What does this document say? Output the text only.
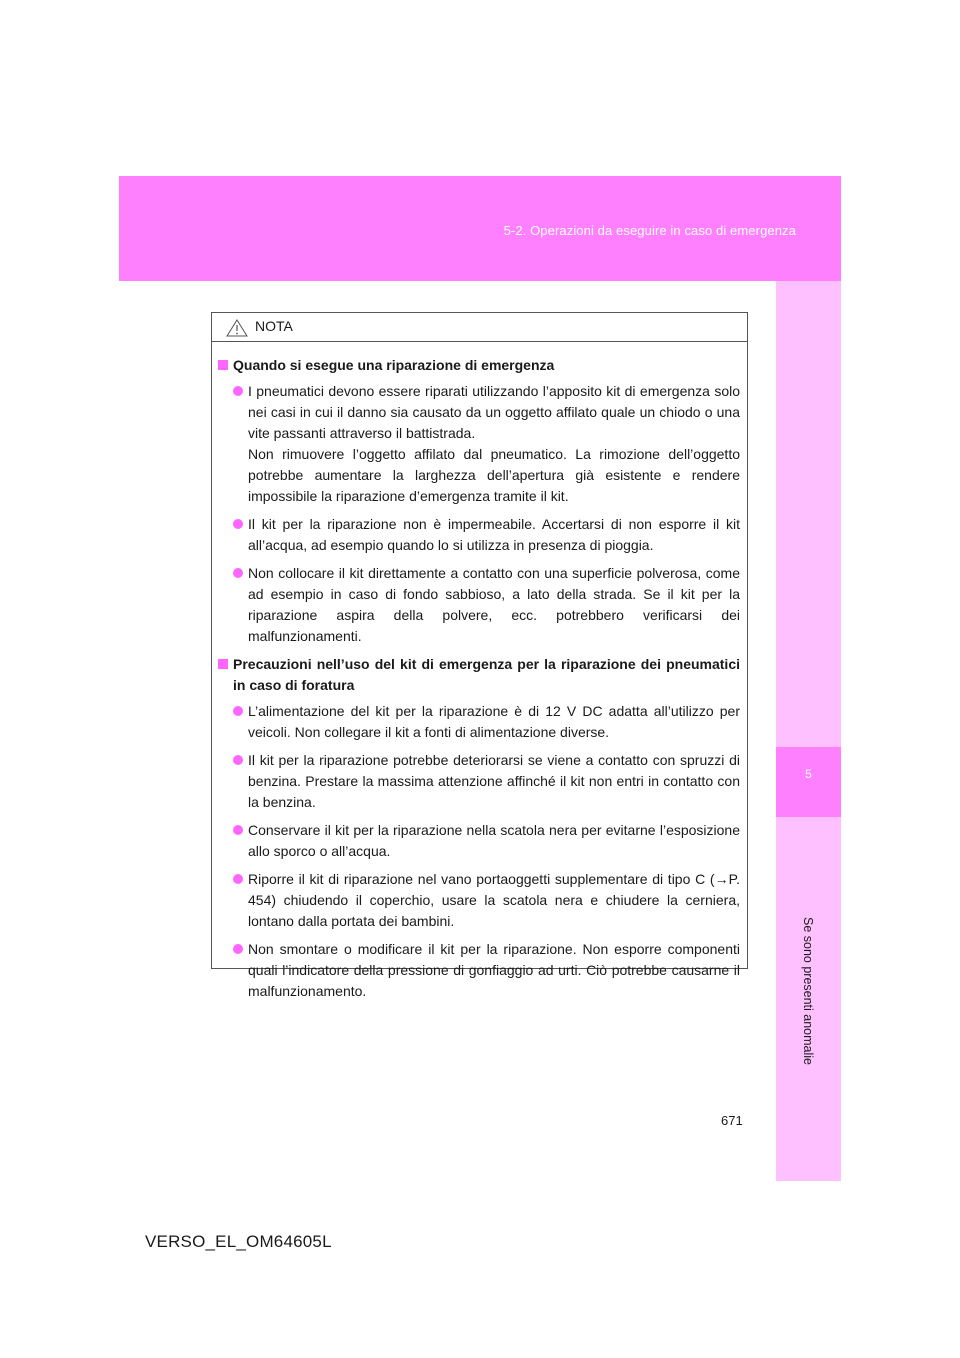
5-2. Operazioni da eseguire in caso di emergenza
5
Se sono presenti anomalie
NOTA
Quando si esegue una riparazione di emergenza

I pneumatici devono essere riparati utilizzando l’apposito kit di emergenza solo nei casi in cui il danno sia causato da un oggetto affilato quale un chiodo o una vite passanti attraverso il battistrada.

Non rimuovere l’oggetto affilato dal pneumatico. La rimozione dell’oggetto potrebbe aumentare la larghezza dell’apertura già esistente e rendere impossibile la riparazione d’emergenza tramite il kit.

Il kit per la riparazione non è impermeabile. Accertarsi di non esporre il kit all’acqua, ad esempio quando lo si utilizza in presenza di pioggia.

Non collocare il kit direttamente a contatto con una superficie polverosa, come ad esempio in caso di fondo sabbioso, a lato della strada. Se il kit per la riparazione aspira della polvere, ecc. potrebbero verificarsi dei malfunzionamenti.

Precauzioni nell’uso del kit di emergenza per la riparazione dei pneumatici in caso di foratura

L’alimentazione del kit per la riparazione è di 12 V DC adatta all’utilizzo per veicoli. Non collegare il kit a fonti di alimentazione diverse.

Il kit per la riparazione potrebbe deteriorarsi se viene a contatto con spruzzi di benzina. Prestare la massima attenzione affinché il kit non entri in contatto con la benzina.

Conservare il kit per la riparazione nella scatola nera per evitarne l’esposizione allo sporco o all’acqua.

Riporre il kit di riparazione nel vano portaoggetti supplementare di tipo C (→P. 454) chiudendo il coperchio, usare la scatola nera e chiudere la cerniera, lontano dalla portata dei bambini.

Non smontare o modificare il kit per la riparazione. Non esporre componenti quali l’indicatore della pressione di gonfiaggio ad urti. Ciò potrebbe causarne il malfunzionamento.

671
VERSO_EL_OM64605L
